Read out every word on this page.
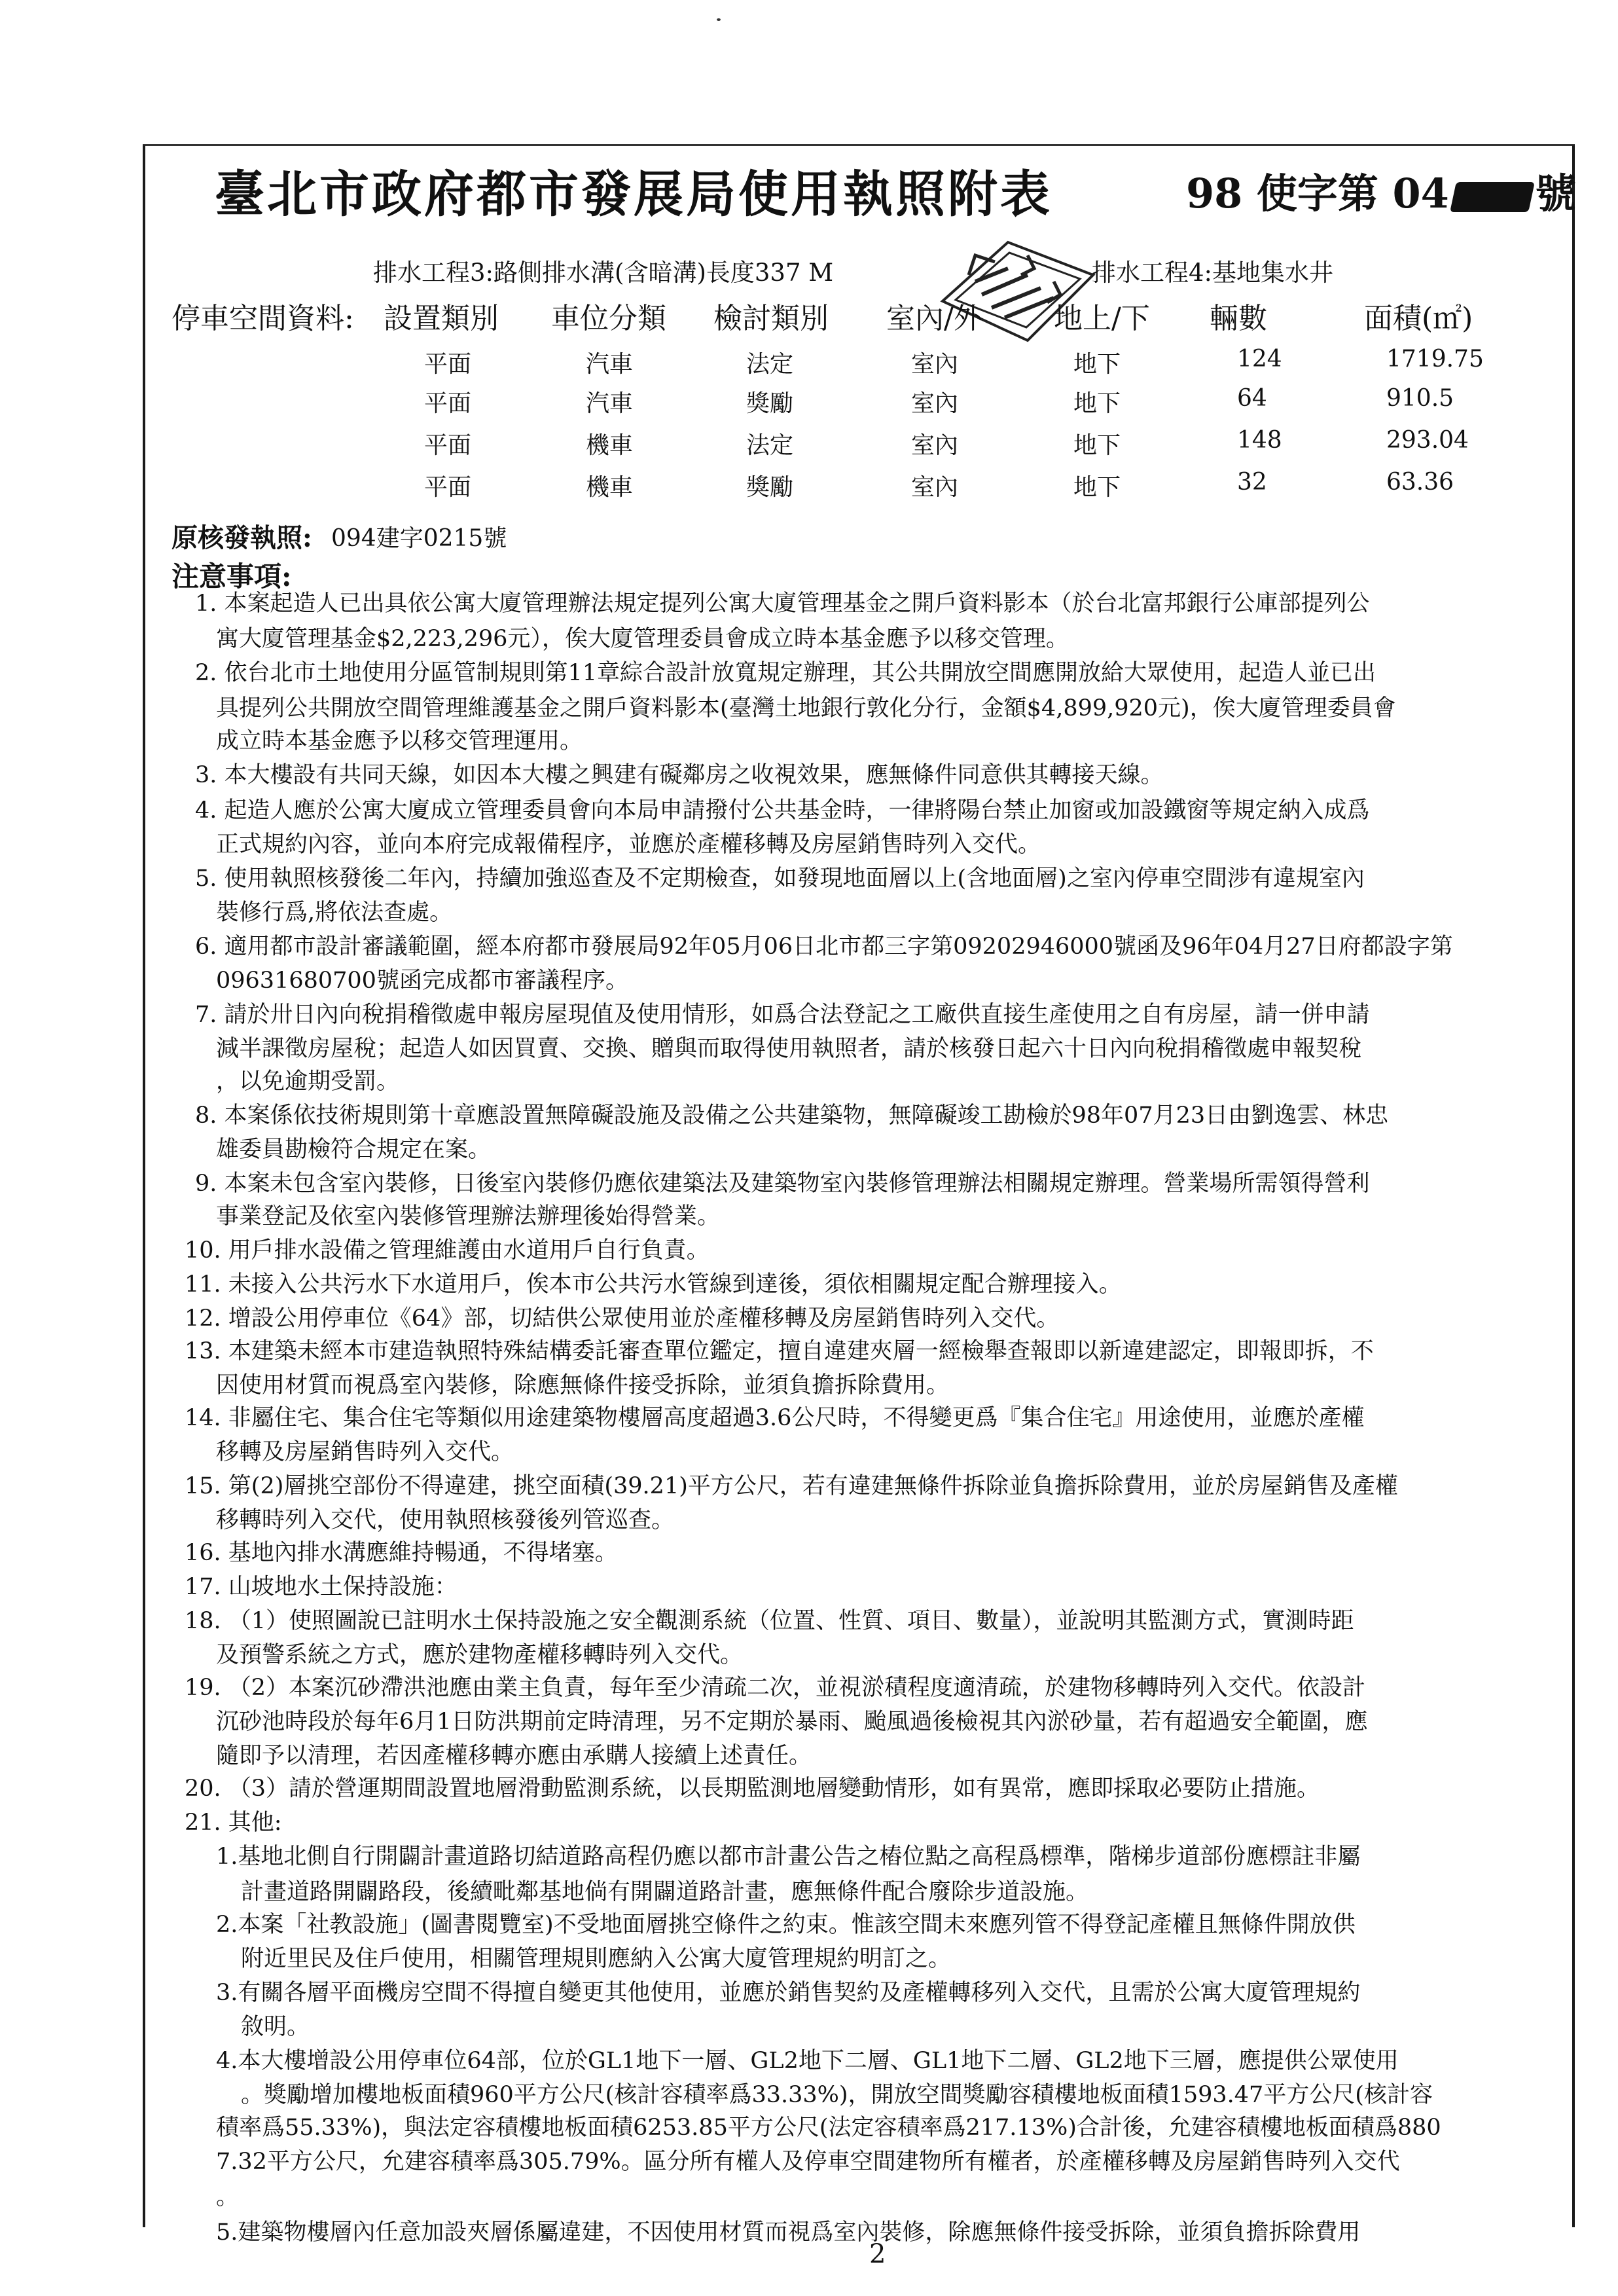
臺北市政府都市發展局使用執照附表	98 使字第 04 號
排水工程3:路側排水溝(含暗溝)長度337 M	排水工程4:基地集水井
停車空間資料: 設置類別 車位分類 檢討類別 室內/外 地上/下 輛數	面積(㎡)
平面	汽車	法定	室內	地下	124	1719.75
平面	汽車	獎勵	室內	地下	64	910.5
平面	機車	法定	室內	地下	148	293.04
平面	機車	獎勵	室內	地下	32	63.36
原核發執照: 094建字0215號
注意事項:
1. 本案起造人已出具依公寓大廈管理辦法規定提列公寓大廈管理基金之開戶資料影本（於台北富邦銀行公庫部提列公
寓大廈管理基金$2,223,296元），俟大廈管理委員會成立時本基金應予以移交管理。
2. 依台北市土地使用分區管制規則第11章綜合設計放寬規定辦理，其公共開放空間應開放給大眾使用，起造人並已出
具提列公共開放空間管理維護基金之開戶資料影本(臺灣土地銀行敦化分行，金額$4,899,920元)，俟大廈管理委員會
成立時本基金應予以移交管理運用。
3. 本大樓設有共同天線，如因本大樓之興建有礙鄰房之收視效果，應無條件同意供其轉接天線。
4. 起造人應於公寓大廈成立管理委員會向本局申請撥付公共基金時，一律將陽台禁止加窗或加設鐵窗等規定納入成爲
正式規約內容，並向本府完成報備程序，並應於產權移轉及房屋銷售時列入交代。
5. 使用執照核發後二年內，持續加強巡查及不定期檢查，如發現地面層以上(含地面層)之室內停車空間涉有違規室內
裝修行爲,將依法查處。
6. 適用都市設計審議範圍，經本府都市發展局92年05月06日北市都三字第09202946000號函及96年04月27日府都設字第
09631680700號函完成都市審議程序。
7. 請於卅日內向稅捐稽徵處申報房屋現值及使用情形，如爲合法登記之工廠供直接生產使用之自有房屋，請一併申請
減半課徵房屋稅；起造人如因買賣、交換、贈與而取得使用執照者，請於核發日起六十日內向稅捐稽徵處申報契稅
，以免逾期受罰。
8. 本案係依技術規則第十章應設置無障礙設施及設備之公共建築物，無障礙竣工勘檢於98年07月23日由劉逸雲、林忠
雄委員勘檢符合規定在案。
9. 本案未包含室內裝修，日後室內裝修仍應依建築法及建築物室內裝修管理辦法相關規定辦理。營業場所需領得營利
事業登記及依室內裝修管理辦法辦理後始得營業。
10. 用戶排水設備之管理維護由水道用戶自行負責。
11. 未接入公共污水下水道用戶，俟本市公共污水管線到達後，須依相關規定配合辦理接入。
12. 增設公用停車位《64》部，切結供公眾使用並於產權移轉及房屋銷售時列入交代。
13. 本建築未經本市建造執照特殊結構委託審查單位鑑定，擅自違建夾層一經檢舉查報即以新違建認定，即報即拆，不
因使用材質而視爲室內裝修，除應無條件接受拆除，並須負擔拆除費用。
14. 非屬住宅、集合住宅等類似用途建築物樓層高度超過3.6公尺時，不得變更爲『集合住宅』用途使用，並應於產權
移轉及房屋銷售時列入交代。
15. 第(2)層挑空部份不得違建，挑空面積(39.21)平方公尺，若有違建無條件拆除並負擔拆除費用，並於房屋銷售及產權
移轉時列入交代，使用執照核發後列管巡查。
16. 基地內排水溝應維持暢通，不得堵塞。
17. 山坡地水土保持設施：
18. （1）使照圖說已註明水土保持設施之安全觀測系統（位置、性質、項目、數量），並說明其監測方式，實測時距
及預警系統之方式，應於建物產權移轉時列入交代。
19. （2）本案沉砂滯洪池應由業主負責，每年至少清疏二次，並視淤積程度適清疏，於建物移轉時列入交代。依設計
沉砂池時段於每年6月1日防洪期前定時清理，另不定期於暴雨、颱風過後檢視其內淤砂量，若有超過安全範圍，應
隨即予以清理，若因產權移轉亦應由承購人接續上述責任。
20. （3）請於營運期間設置地層滑動監測系統，以長期監測地層變動情形，如有異常，應即採取必要防止措施。
21. 其他:
1.基地北側自行開闢計畫道路切結道路高程仍應以都市計畫公告之樁位點之高程爲標準，階梯步道部份應標註非屬
計畫道路開闢路段，後續毗鄰基地倘有開闢道路計畫，應無條件配合廢除步道設施。
2.本案「社教設施」(圖書閱覽室)不受地面層挑空條件之約束。惟該空間未來應列管不得登記產權且無條件開放供
附近里民及住戶使用，相關管理規則應納入公寓大廈管理規約明訂之。
3.有關各層平面機房空間不得擅自變更其他使用，並應於銷售契約及產權轉移列入交代，且需於公寓大廈管理規約
敘明。
4.本大樓增設公用停車位64部，位於GL1地下一層、GL2地下二層、GL1地下二層、GL2地下三層，應提供公眾使用
。獎勵增加樓地板面積960平方公尺(核計容積率爲33.33%)，開放空間獎勵容積樓地板面積1593.47平方公尺(核計容
積率爲55.33%)，與法定容積樓地板面積6253.85平方公尺(法定容積率爲217.13%)合計後，允建容積樓地板面積爲880
7.32平方公尺，允建容積率爲305.79%。區分所有權人及停車空間建物所有權者，於產權移轉及房屋銷售時列入交代
。
5.建築物樓層內任意加設夾層係屬違建，不因使用材質而視爲室內裝修，除應無條件接受拆除，並須負擔拆除費用
2
